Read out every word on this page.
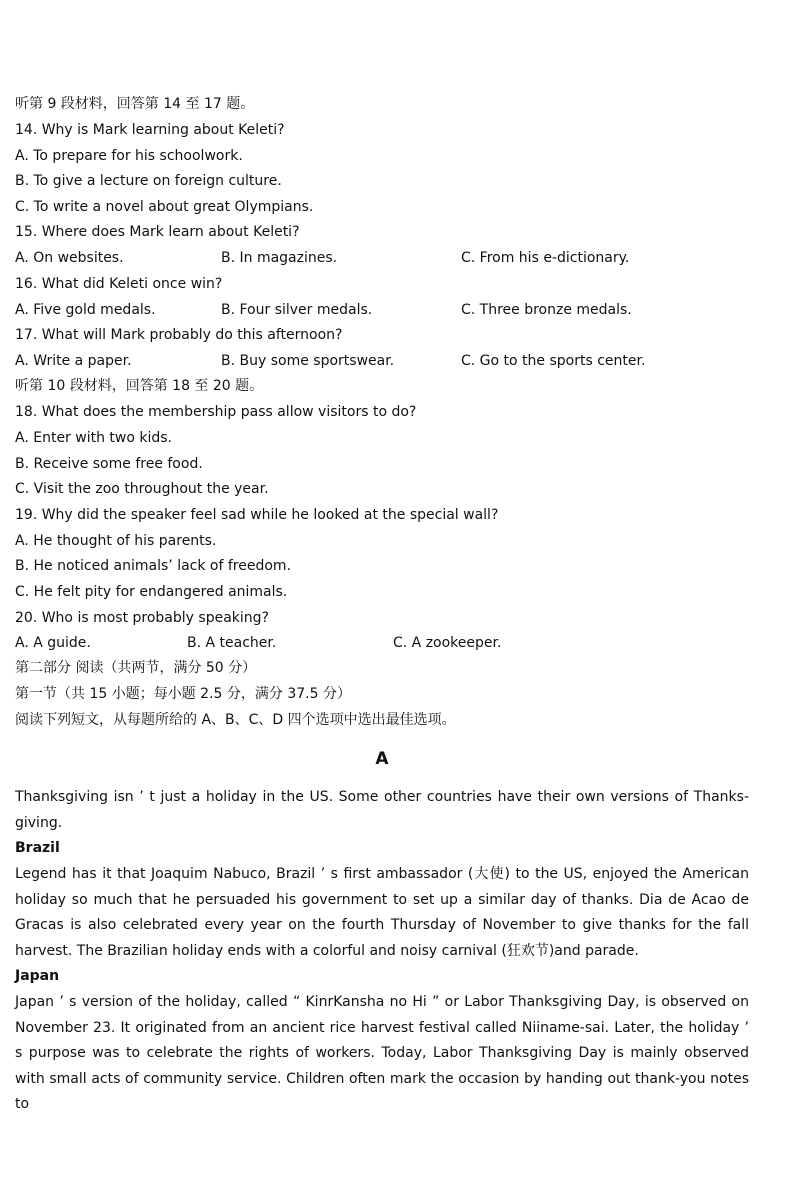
听第 9 段材料，回答第 14 至 17 题。

14. Why is Mark learning about Keleti?

A. To prepare for his schoolwork.

B. To give a lecture on foreign culture.

C. To write a novel about great Olympians.

15. Where does Mark learn about Keleti?

A. On websites.	B. In magazines.	C. From his e-dictionary.

16. What did Keleti once win?

A. Five gold medals.	B. Four silver medals.	C. Three bronze medals.

17. What will Mark probably do this afternoon?

A. Write a paper.	B. Buy some sportswear.	C. Go to the sports center.

听第 10 段材料，回答第 18 至 20 题。

18. What does the membership pass allow visitors to do?

A. Enter with two kids.

B. Receive some free food.

C. Visit the zoo throughout the year.

19. Why did the speaker feel sad while he looked at the special wall?

A. He thought of his parents.

B. He noticed animals’ lack of freedom.

C. He felt pity for endangered animals.

20. Who is most probably speaking?

A. A guide.	B. A teacher.	C. A zookeeper.

第二部分 阅读（共两节，满分 50 分）

第一节（共 15 小题；每小题 2.5 分，满分 37.5 分）

阅读下列短文，从每题所给的 A、B、C、D 四个选项中选出最佳选项。

A

Thanksgiving isn ’ t just a holiday in the US. Some other countries have their own versions of Thanks-giving.

Brazil

Legend has it that Joaquim Nabuco, Brazil ’ s first ambassador (大使) to the US, enjoyed the American holiday so much that he persuaded his government to set up a similar day of thanks. Dia de Acao de Gracas is also celebrated every year on the fourth Thursday of November to give thanks for the fall harvest. The Brazilian holiday ends with a colorful and noisy carnival (狂欢节)and parade.

Japan

Japan ’ s version of the holiday, called “ KinrKansha no Hi ” or Labor Thanksgiving Day, is observed on November 23. It originated from an ancient rice harvest festival called Niiname-sai. Later, the holiday ’ s purpose was to celebrate the rights of workers. Today, Labor Thanksgiving Day is mainly observed with small acts of community service. Children often mark the occasion by handing out thank-you notes to
